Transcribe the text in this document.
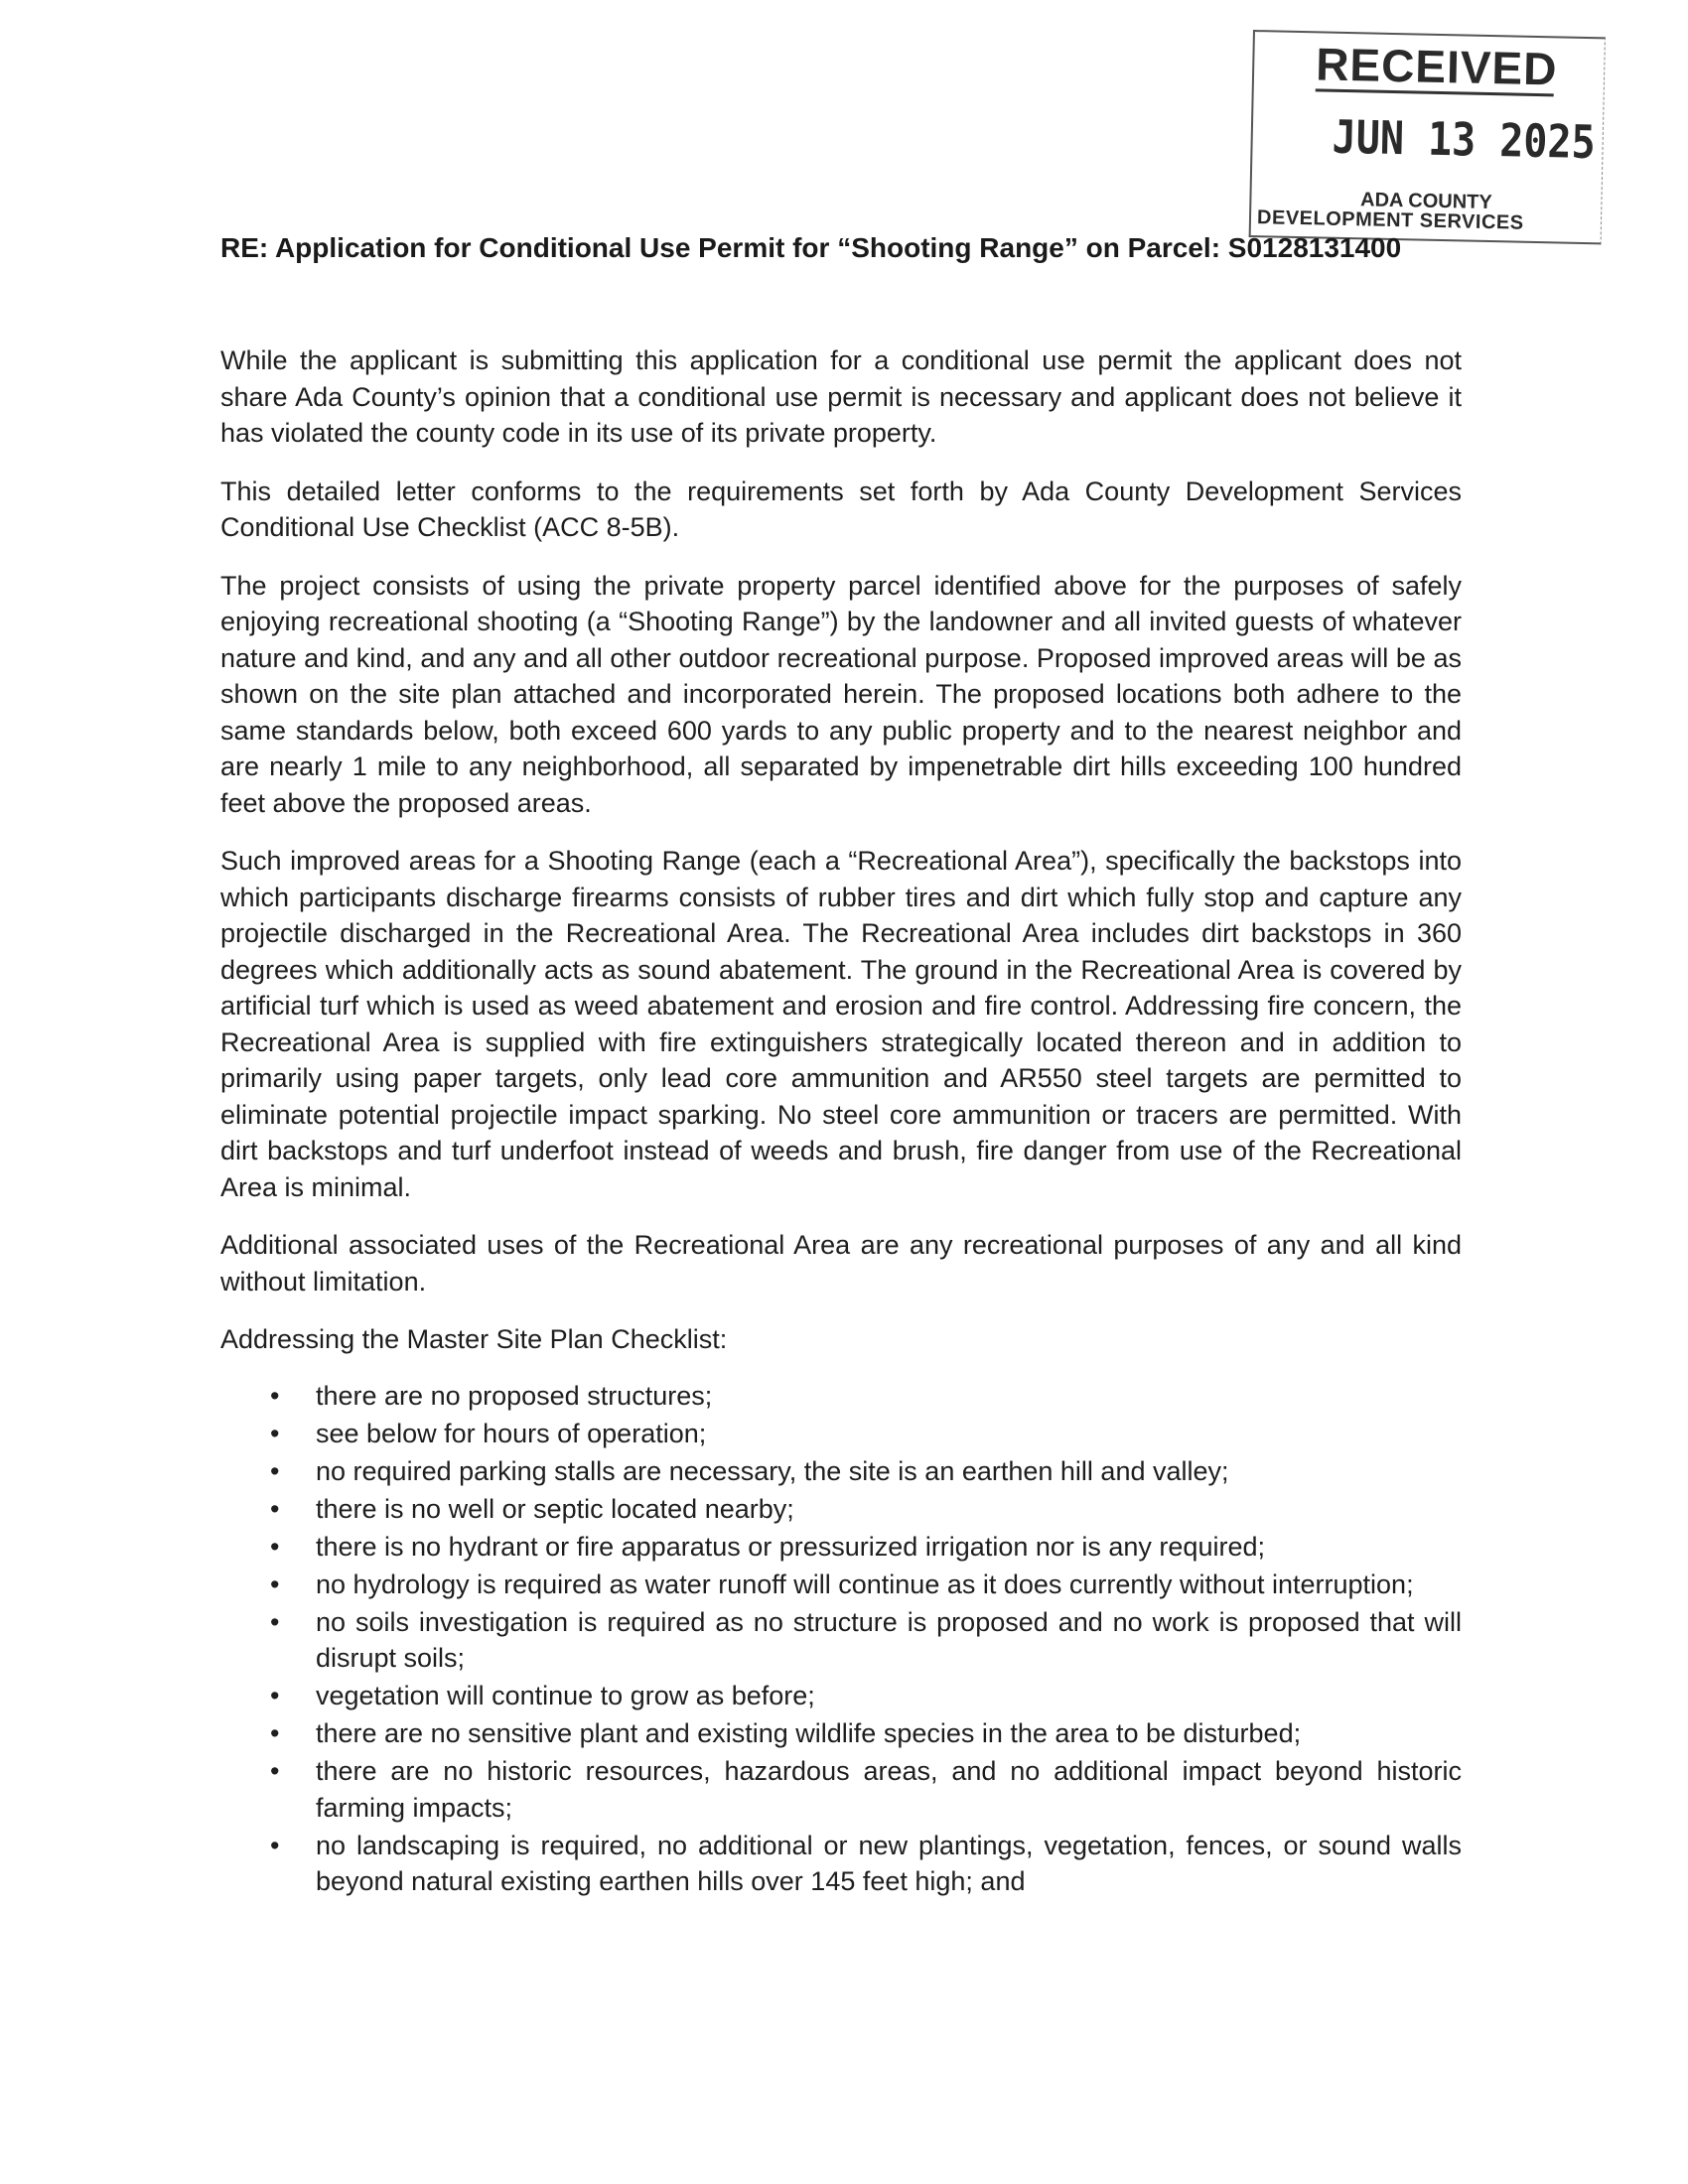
RECEIVED
JUN 13 2025
ADA COUNTY
DEVELOPMENT SERVICES
RE: Application for Conditional Use Permit for “Shooting Range” on Parcel: S0128131400

While the applicant is submitting this application for a conditional use permit the applicant does not share Ada County’s opinion that a conditional use permit is necessary and applicant does not believe it has violated the county code in its use of its private property.

This detailed letter conforms to the requirements set forth by Ada County Development Services Conditional Use Checklist (ACC 8-5B).

The project consists of using the private property parcel identified above for the purposes of safely enjoying recreational shooting (a “Shooting Range”) by the landowner and all invited guests of whatever nature and kind, and any and all other outdoor recreational purpose. Proposed improved areas will be as shown on the site plan attached and incorporated herein. The proposed locations both adhere to the same standards below, both exceed 600 yards to any public property and to the nearest neighbor and are nearly 1 mile to any neighborhood, all separated by impenetrable dirt hills exceeding 100 hundred feet above the proposed areas.

Such improved areas for a Shooting Range (each a “Recreational Area”), specifically the backstops into which participants discharge firearms consists of rubber tires and dirt which fully stop and capture any projectile discharged in the Recreational Area. The Recreational Area includes dirt backstops in 360 degrees which additionally acts as sound abatement. The ground in the Recreational Area is covered by artificial turf which is used as weed abatement and erosion and fire control. Addressing fire concern, the Recreational Area is supplied with fire extinguishers strategically located thereon and in addition to primarily using paper targets, only lead core ammunition and AR550 steel targets are permitted to eliminate potential projectile impact sparking. No steel core ammunition or tracers are permitted. With dirt backstops and turf underfoot instead of weeds and brush, fire danger from use of the Recreational Area is minimal.

Additional associated uses of the Recreational Area are any recreational purposes of any and all kind without limitation.

Addressing the Master Site Plan Checklist:

• there are no proposed structures;
• see below for hours of operation;
• no required parking stalls are necessary, the site is an earthen hill and valley;
• there is no well or septic located nearby;
• there is no hydrant or fire apparatus or pressurized irrigation nor is any required;
• no hydrology is required as water runoff will continue as it does currently without interruption;
• no soils investigation is required as no structure is proposed and no work is proposed that will disrupt soils;
• vegetation will continue to grow as before;
• there are no sensitive plant and existing wildlife species in the area to be disturbed;
• there are no historic resources, hazardous areas, and no additional impact beyond historic farming impacts;
• no landscaping is required, no additional or new plantings, vegetation, fences, or sound walls beyond natural existing earthen hills over 145 feet high; and
